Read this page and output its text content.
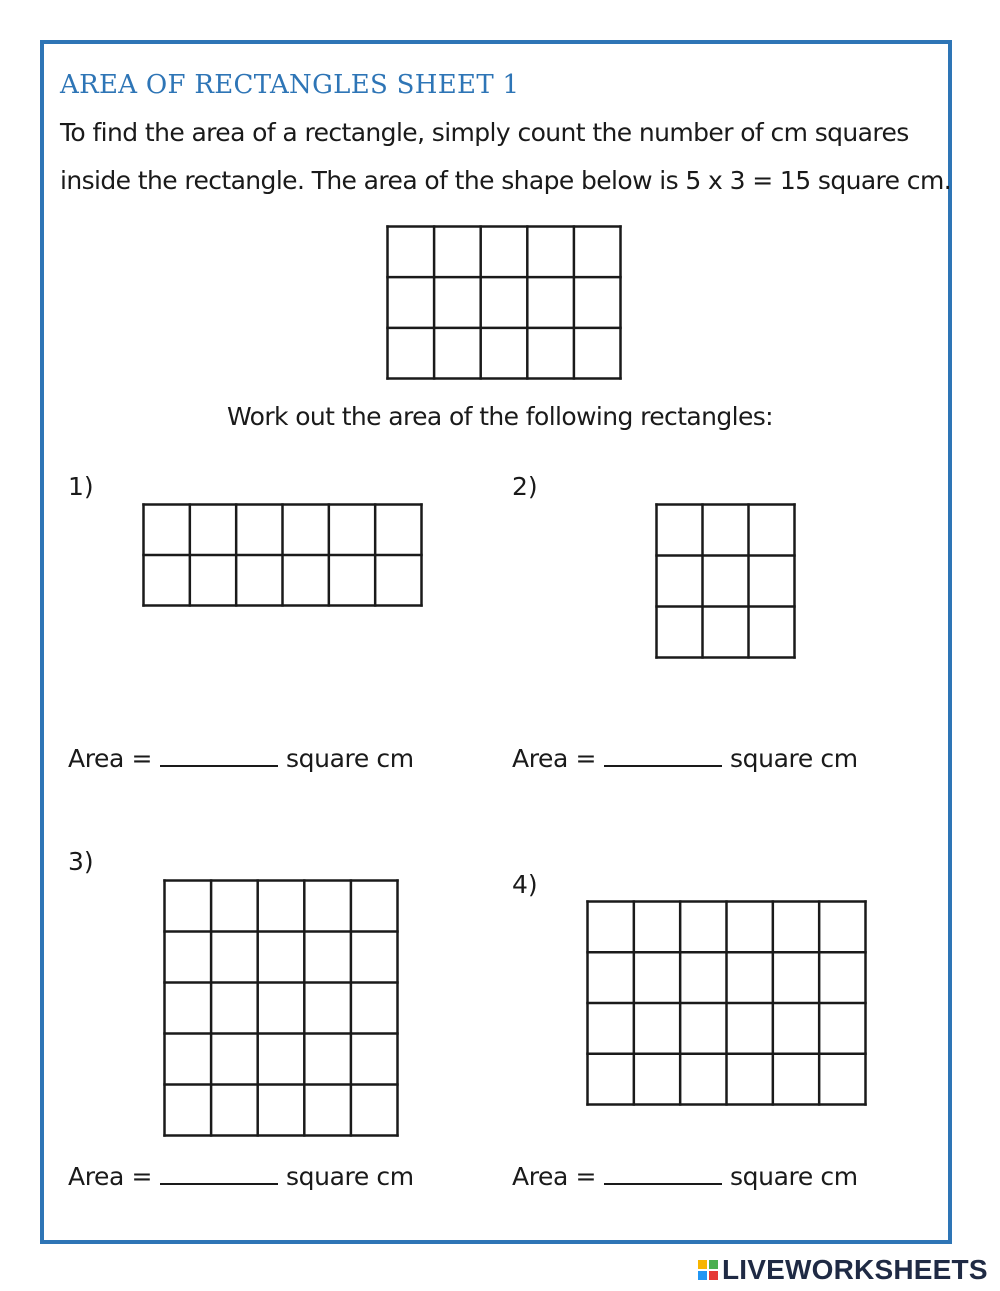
AREA OF RECTANGLES SHEET 1
To find the area of a rectangle, simply count the number of cm squares
inside the rectangle. The area of the shape below is 5 x 3 = 15 square cm.
Work out the area of the following rectangles:
1)
Area =	square cm
2)
Area =	square cm
3)
Area =	square cm
4)
Area =	square cm
LIVEWORKSHEETS
